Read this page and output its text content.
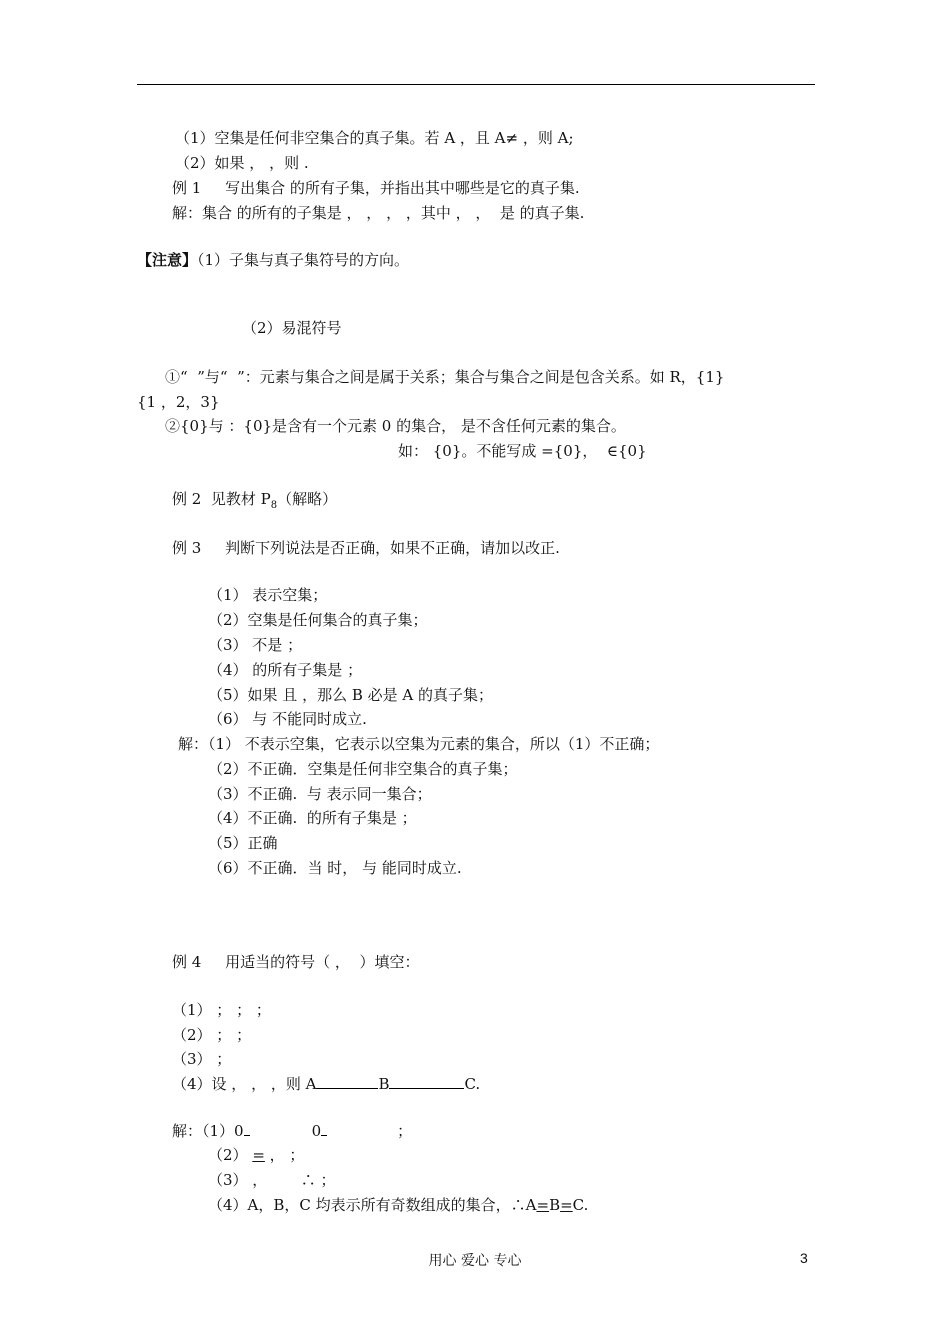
（1）空集是任何非空集合的真子集。若 A ，且 A≠ ，则 A;
（2）如果 ， ，则 .
例 1     写出集合 的所有子集，并指出其中哪些是它的真子集.
解：集合 的所有的子集是 ， ， ， ，其中 ， ，  是 的真子集.
【注意】（1）子集与真子集符号的方向。
（2）易混符号
①“  ”与“  ”：元素与集合之间是属于关系；集合与集合之间是包含关系。如 R，{1}
{1 ，2，3}
②{0}与 ：{0}是含有一个元素 0 的集合， 是不含任何元素的集合。
如： {0}。不能写成 ={0}，  ∈{0}
例 2  见教材 $P_8$（解略）
例 3     判断下列说法是否正确，如果不正确，请加以改正.
（1） 表示空集；
（2）空集是任何集合的真子集；
（3） 不是 ；
（4） 的所有子集是 ；
（5）如果 且 ，那么 B 必是 A 的真子集；
（6） 与 不能同时成立.
解：（1） 不表示空集，它表示以空集为元素的集合，所以（1）不正确；
（2）不正确．空集是任何非空集合的真子集；
（3）不正确.  与 表示同一集合；
（4）不正确.  的所有子集是 ；
（5）正确
（6）不正确．当 时， 与 能同时成立.
例 4     用适当的符号（ ，  ）填空：
（1） ； ； ；
（2） ； ；
（3） ；
（4）设 ， ， ，则 A	B	C.
解：（1）0	0	；
（2） = ， ；
（3） ，       ∴ ；
（4）A，B，C 均表示所有奇数组成的集合，∴A=B=C.
用心 爱心 专心	3
